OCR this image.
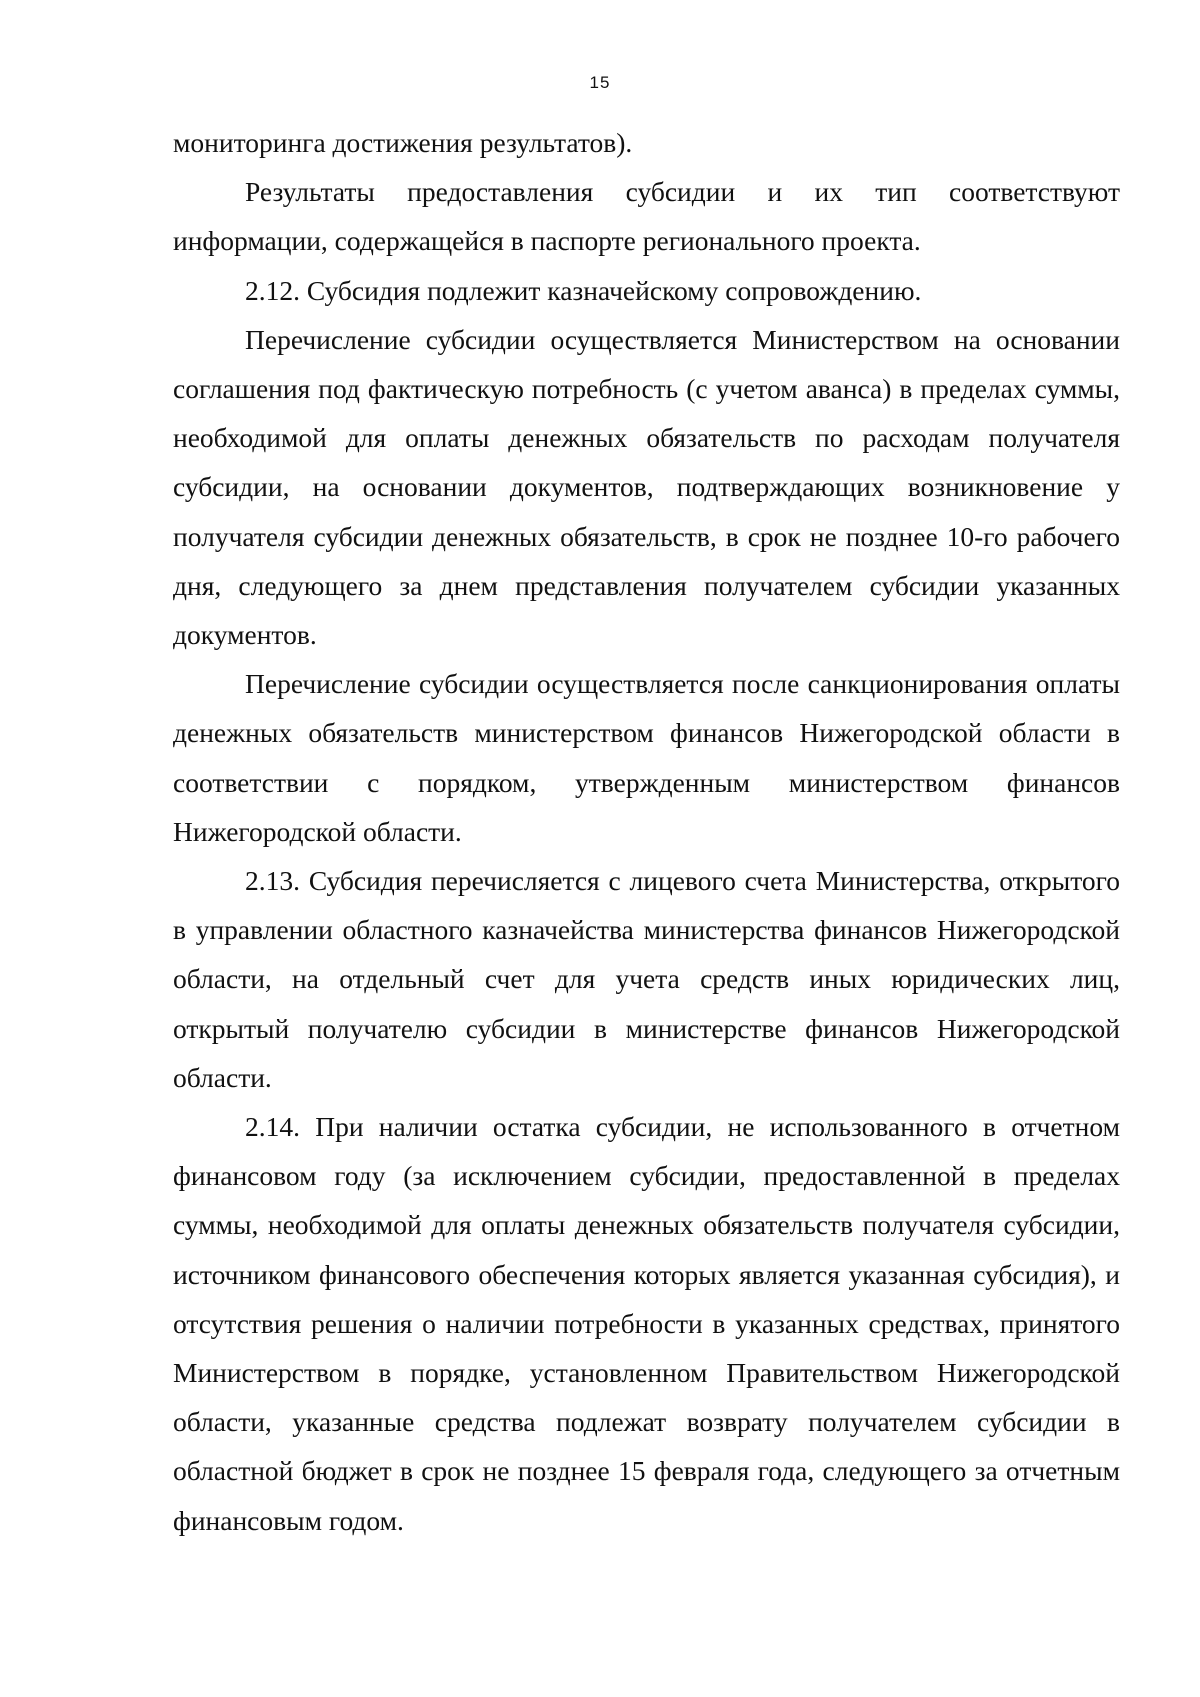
15

мониторинга достижения результатов).

Результаты предоставления субсидии и их тип соответствуют информации, содержащейся в паспорте регионального проекта.

2.12. Субсидия подлежит казначейскому сопровождению.

Перечисление субсидии осуществляется Министерством на основании соглашения под фактическую потребность (с учетом аванса) в пределах суммы, необходимой для оплаты денежных обязательств по расходам получателя субсидии, на основании документов, подтверждающих возникновение у получателя субсидии денежных обязательств, в срок не позднее 10-го рабочего дня, следующего за днем представления получателем субсидии указанных документов.

Перечисление субсидии осуществляется после санкционирования оплаты денежных обязательств министерством финансов Нижегородской области в соответствии с порядком, утвержденным министерством финансов Нижегородской области.

2.13. Субсидия перечисляется с лицевого счета Министерства, открытого в управлении областного казначейства министерства финансов Нижегородской области, на отдельный счет для учета средств иных юридических лиц, открытый получателю субсидии в министерстве финансов Нижегородской области.

2.14. При наличии остатка субсидии, не использованного в отчетном финансовом году (за исключением субсидии, предоставленной в пределах суммы, необходимой для оплаты денежных обязательств получателя субсидии, источником финансового обеспечения которых является указанная субсидия), и отсутствия решения о наличии потребности в указанных средствах, принятого Министерством в порядке, установленном Правительством Нижегородской области, указанные средства подлежат возврату получателем субсидии в областной бюджет в срок не позднее 15 февраля года, следующего за отчетным финансовым годом.
